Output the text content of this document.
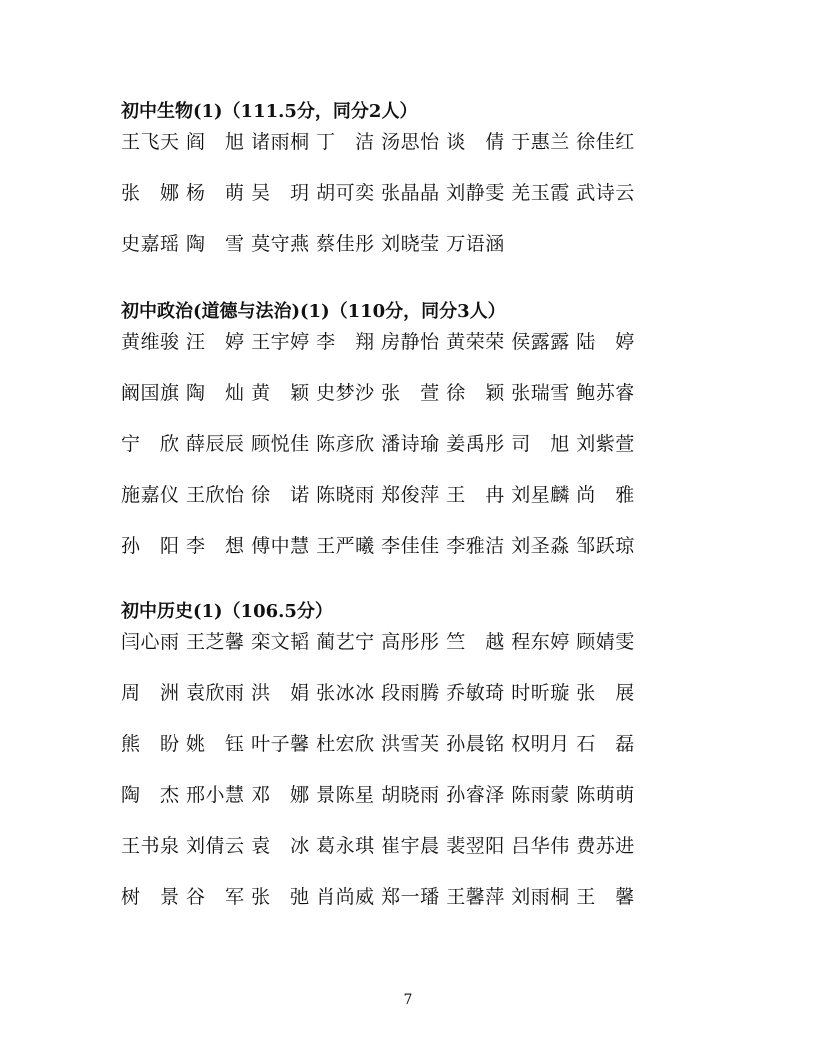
初中生物(1)（111.5分，同分2人）
王飞天 阎　旭 诸雨桐 丁　洁 汤思怡 谈　倩 于惠兰 徐佳红
张　娜 杨　萌 吴　玥 胡可奕 张晶晶 刘静雯 羌玉霞 武诗云
史嘉瑶 陶　雪 莫守燕 蔡佳彤 刘晓莹 万语涵
初中政治(道德与法治)(1)（110分，同分3人）
黄维骏 汪　婷 王宇婷 李　翔 房静怡 黄荣荣 侯露露 陆　婷
阚国旗 陶　灿 黄　颖 史梦沙 张　萱 徐　颖 张瑞雪 鲍苏睿
宁　欣 薛辰辰 顾悦佳 陈彦欣 潘诗瑜 姜禹彤 司　旭 刘紫萱
施嘉仪 王欣怡 徐　诺 陈晓雨 郑俊萍 王　冉 刘星麟 尚　雅
孙　阳 李　想 傅中慧 王严曦 李佳佳 李雅洁 刘圣淼 邹跃琼
初中历史(1)（106.5分）
闫心雨 王芝馨 栾文韬 蔺艺宁 高彤彤 竺　越 程东婷 顾婧雯
周　洲 袁欣雨 洪　娟 张冰冰 段雨腾 乔敏琦 时昕璇 张　展
熊　盼 姚　钰 叶子馨 杜宏欣 洪雪芙 孙晨铭 权明月 石　磊
陶　杰 邢小慧 邓　娜 景陈星 胡晓雨 孙睿泽 陈雨蒙 陈萌萌
王书泉 刘倩云 袁　冰 葛永琪 崔宇晨 裴翌阳 吕华伟 费苏进
树　景 谷　军 张　弛 肖尚威 郑一璠 王馨萍 刘雨桐 王　馨
7
